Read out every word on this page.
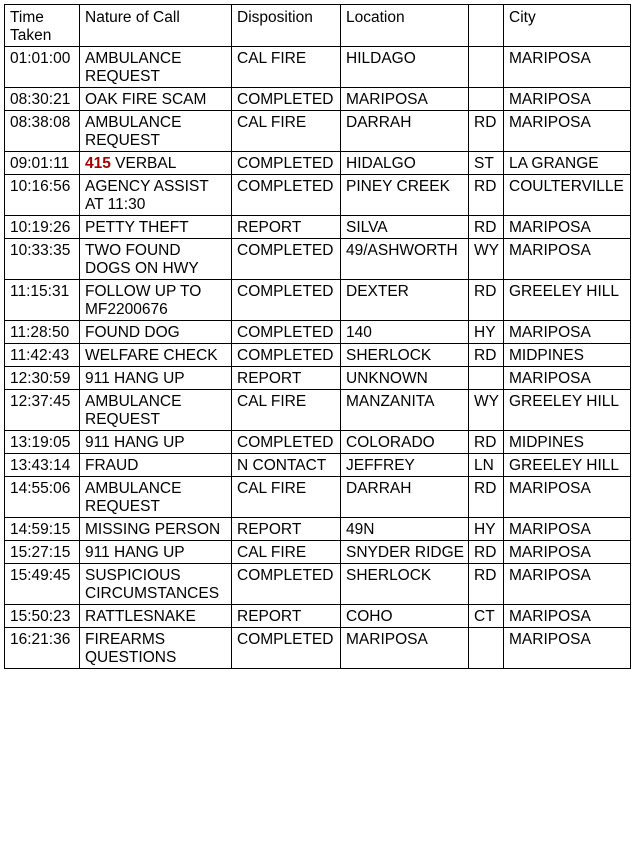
Time Taken	Nature of Call	Disposition	Location		City
01:01:00	AMBULANCE REQUEST	CAL FIRE	HILDAGO		MARIPOSA
08:30:21	OAK FIRE SCAM	COMPLETED	MARIPOSA		MARIPOSA
08:38:08	AMBULANCE REQUEST	CAL FIRE	DARRAH	RD	MARIPOSA
09:01:11	415 VERBAL	COMPLETED	HIDALGO	ST	LA GRANGE
10:16:56	AGENCY ASSIST AT 11:30	COMPLETED	PINEY CREEK	RD	COULTERVILLE
10:19:26	PETTY THEFT	REPORT	SILVA	RD	MARIPOSA
10:33:35	TWO FOUND DOGS ON HWY	COMPLETED	49/ASHWORTH	WY	MARIPOSA
11:15:31	FOLLOW UP TO MF2200676	COMPLETED	DEXTER	RD	GREELEY HILL
11:28:50	FOUND DOG	COMPLETED	140	HY	MARIPOSA
11:42:43	WELFARE CHECK	COMPLETED	SHERLOCK	RD	MIDPINES
12:30:59	911 HANG UP	REPORT	UNKNOWN		MARIPOSA
12:37:45	AMBULANCE REQUEST	CAL FIRE	MANZANITA	WY	GREELEY HILL
13:19:05	911 HANG UP	COMPLETED	COLORADO	RD	MIDPINES
13:43:14	FRAUD	N CONTACT	JEFFREY	LN	GREELEY HILL
14:55:06	AMBULANCE REQUEST	CAL FIRE	DARRAH	RD	MARIPOSA
14:59:15	MISSING PERSON	REPORT	49N	HY	MARIPOSA
15:27:15	911 HANG UP	CAL FIRE	SNYDER RIDGE	RD	MARIPOSA
15:49:45	SUSPICIOUS CIRCUMSTANCES	COMPLETED	SHERLOCK	RD	MARIPOSA
15:50:23	RATTLESNAKE	REPORT	COHO	CT	MARIPOSA
16:21:36	FIREARMS QUESTIONS	COMPLETED	MARIPOSA		MARIPOSA
